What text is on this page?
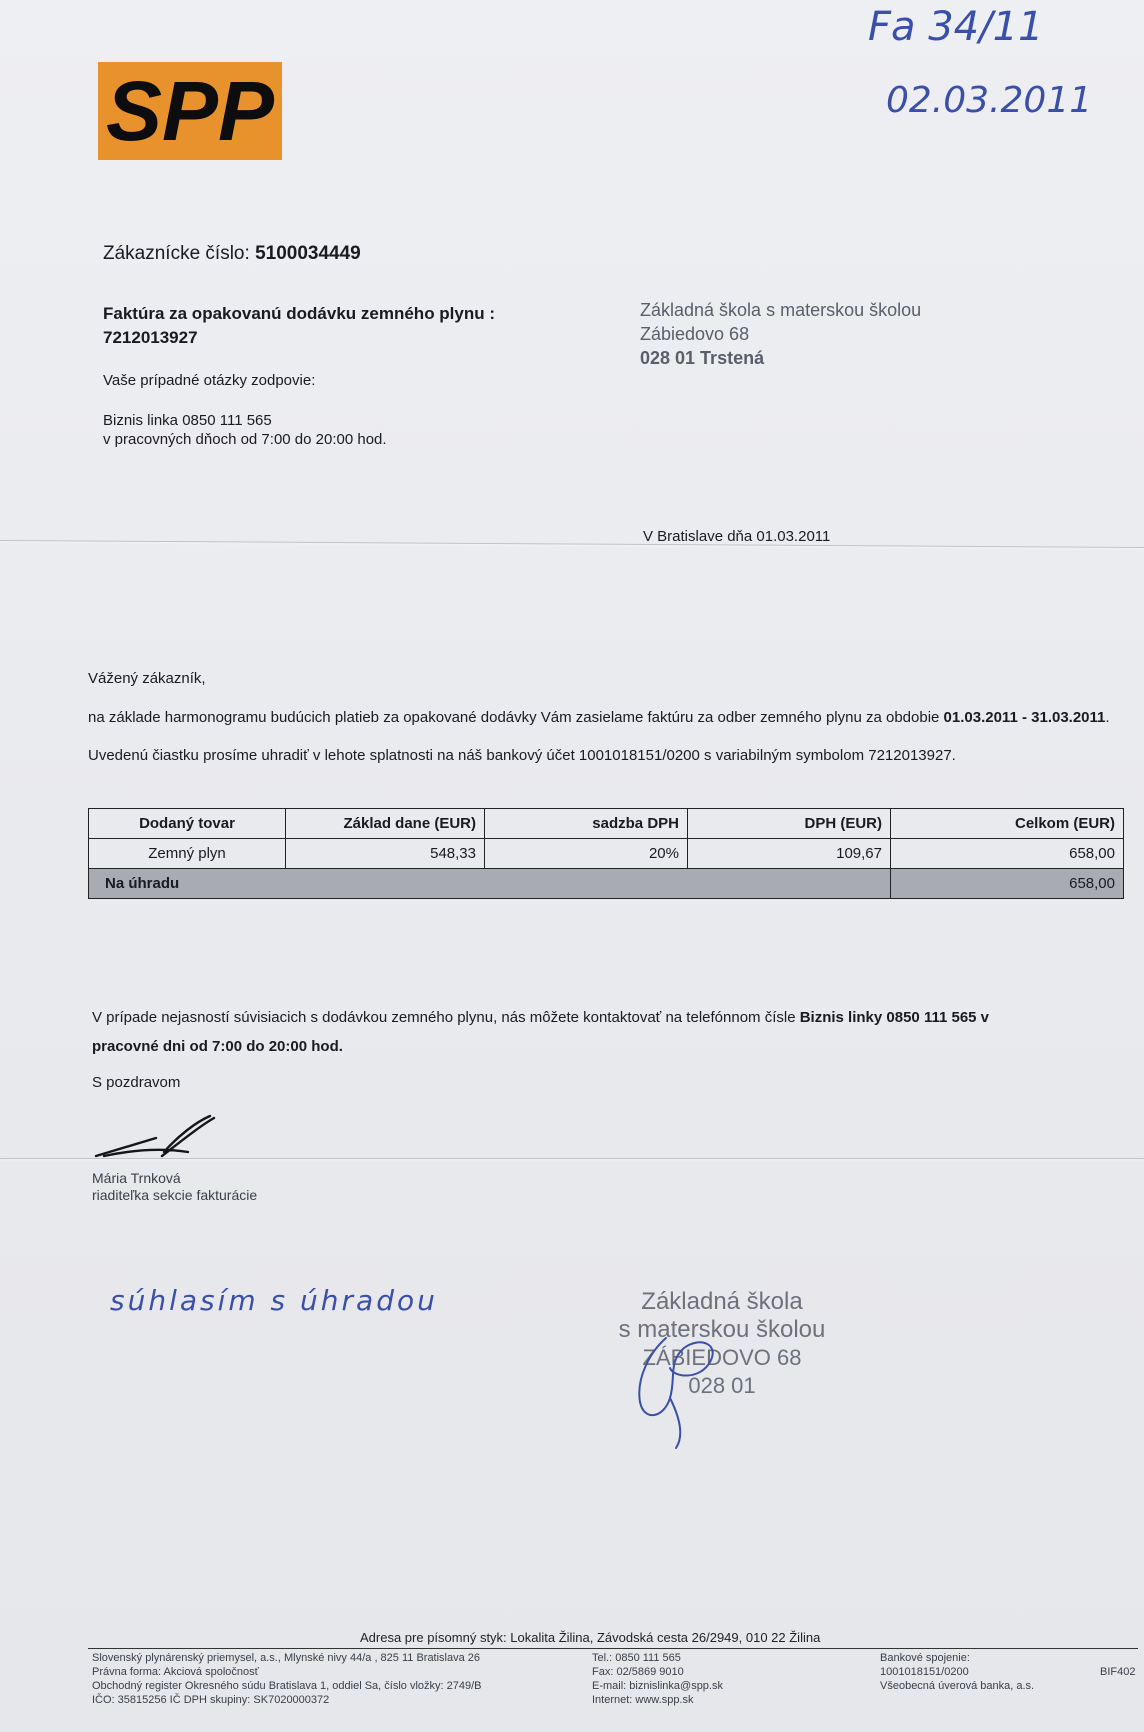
SPP
Fa 34/11
02.03.2011
Zákaznícke číslo: 5100034449
Faktúra za opakovanú dodávku zemného plynu :
7212013927
Vaše prípadné otázky zodpovie:
Biznis linka 0850 111 565
v pracovných dňoch od 7:00 do 20:00 hod.
Základná škola s materskou školou
Zábiedovo 68
028 01 Trstená
V Bratislave dňa 01.03.2011
Vážený zákazník,
na základe harmonogramu budúcich platieb za opakované dodávky Vám zasielame faktúru za odber zemného plynu za obdobie 01.03.2011 - 31.03.2011.
Uvedenú čiastku prosíme uhradiť v lehote splatnosti na náš bankový účet 1001018151/0200 s variabilným symbolom 7212013927.
Dodaný tovar	Základ dane (EUR)	sadzba DPH	DPH (EUR)	Celkom (EUR)
Zemný plyn	548,33	20%	109,67	658,00
Na úhradu				658,00
V prípade nejasností súvisiacich s dodávkou zemného plynu, nás môžete kontaktovať na telefónnom čísle Biznis linky 0850 111 565 v
pracovné dni od 7:00 do 20:00 hod.
S pozdravom
Mária Trnková
riaditeľka sekcie fakturácie
súhlasím s úhradou	Základná škola
s materskou školou
ZÁBIEDOVO 68
028 01
Adresa pre písomný styk: Lokalita Žilina, Závodská cesta 26/2949, 010 22 Žilina
Slovenský plynárenský priemysel, a.s., Mlynské nivy 44/a , 825 11 Bratislava 26
Právna forma: Akciová spoločnosť
Obchodný register Okresného súdu Bratislava 1, oddiel Sa, číslo vložky: 2749/B
IČO: 35815256 IČ DPH skupiny: SK7020000372
Tel.: 0850 111 565
Fax: 02/5869 9010
E-mail: biznislinka@spp.sk
Internet: www.spp.sk
Bankové spojenie:
1001018151/0200
Všeobecná úverová banka, a.s.
BIF402
